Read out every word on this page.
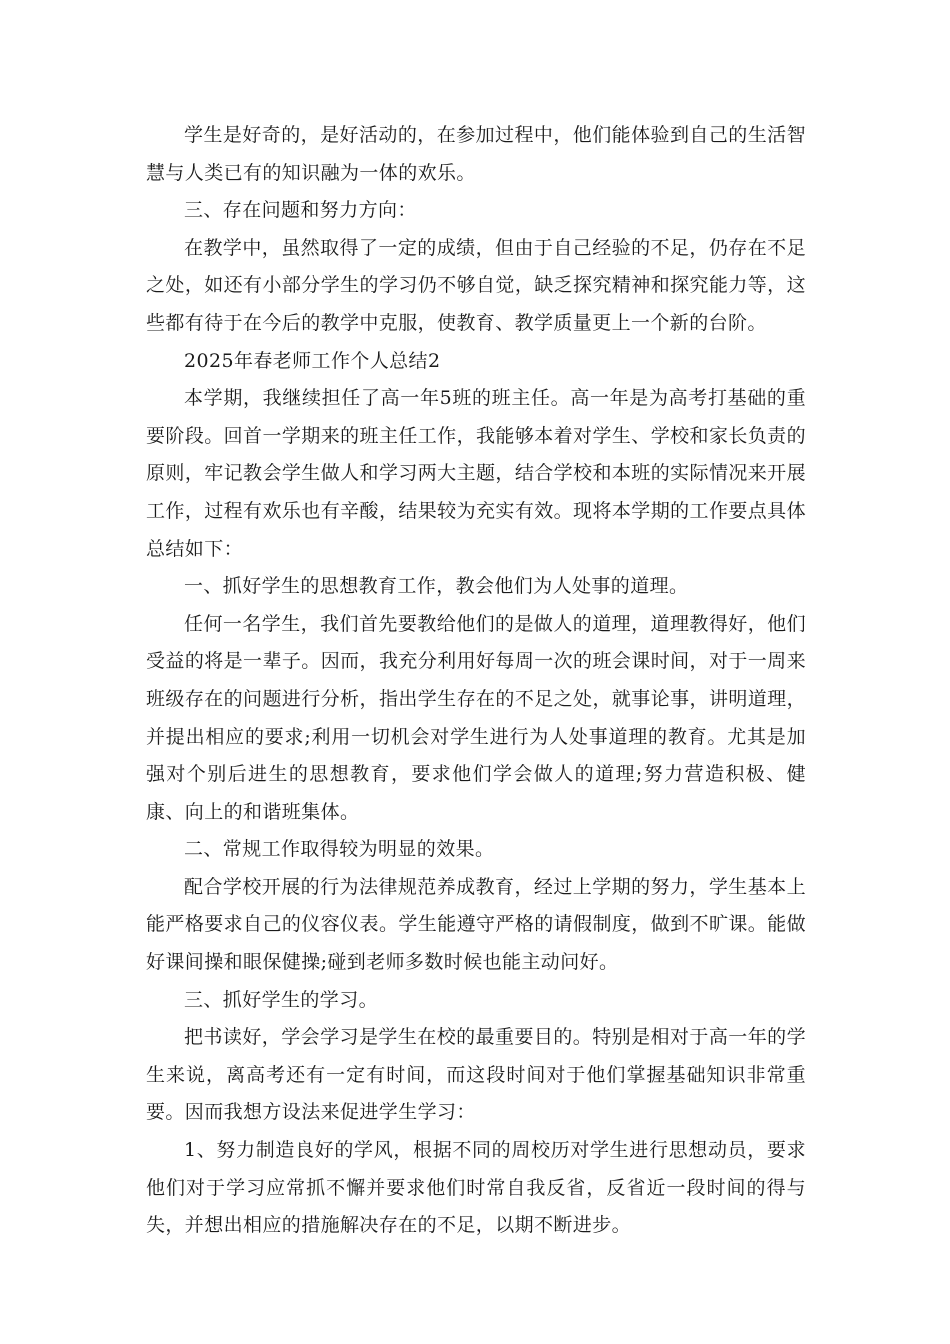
学生是好奇的，是好活动的，在参加过程中，他们能体验到自己的生活智慧与人类已有的知识融为一体的欢乐。

三、存在问题和努力方向：

在教学中，虽然取得了一定的成绩，但由于自己经验的不足，仍存在不足之处，如还有小部分学生的学习仍不够自觉，缺乏探究精神和探究能力等，这些都有待于在今后的教学中克服，使教育、教学质量更上一个新的台阶。

2025年春老师工作个人总结2

本学期，我继续担任了高一年5班的班主任。高一年是为高考打基础的重要阶段。回首一学期来的班主任工作，我能够本着对学生、学校和家长负责的原则，牢记教会学生做人和学习两大主题，结合学校和本班的实际情况来开展工作，过程有欢乐也有辛酸，结果较为充实有效。现将本学期的工作要点具体总结如下：

一、抓好学生的思想教育工作，教会他们为人处事的道理。

任何一名学生，我们首先要教给他们的是做人的道理，道理教得好，他们受益的将是一辈子。因而，我充分利用好每周一次的班会课时间，对于一周来班级存在的问题进行分析，指出学生存在的不足之处，就事论事，讲明道理，并提出相应的要求;利用一切机会对学生进行为人处事道理的教育。尤其是加强对个别后进生的思想教育，要求他们学会做人的道理;努力营造积极、健康、向上的和谐班集体。

二、常规工作取得较为明显的效果。

配合学校开展的行为法律规范养成教育，经过上学期的努力，学生基本上能严格要求自己的仪容仪表。学生能遵守严格的请假制度，做到不旷课。能做好课间操和眼保健操;碰到老师多数时候也能主动问好。

三、抓好学生的学习。

把书读好，学会学习是学生在校的最重要目的。特别是相对于高一年的学生来说，离高考还有一定有时间，而这段时间对于他们掌握基础知识非常重要。因而我想方设法来促进学生学习：

1、努力制造良好的学风，根据不同的周校历对学生进行思想动员，要求他们对于学习应常抓不懈并要求他们时常自我反省，反省近一段时间的得与失，并想出相应的措施解决存在的不足，以期不断进步。
